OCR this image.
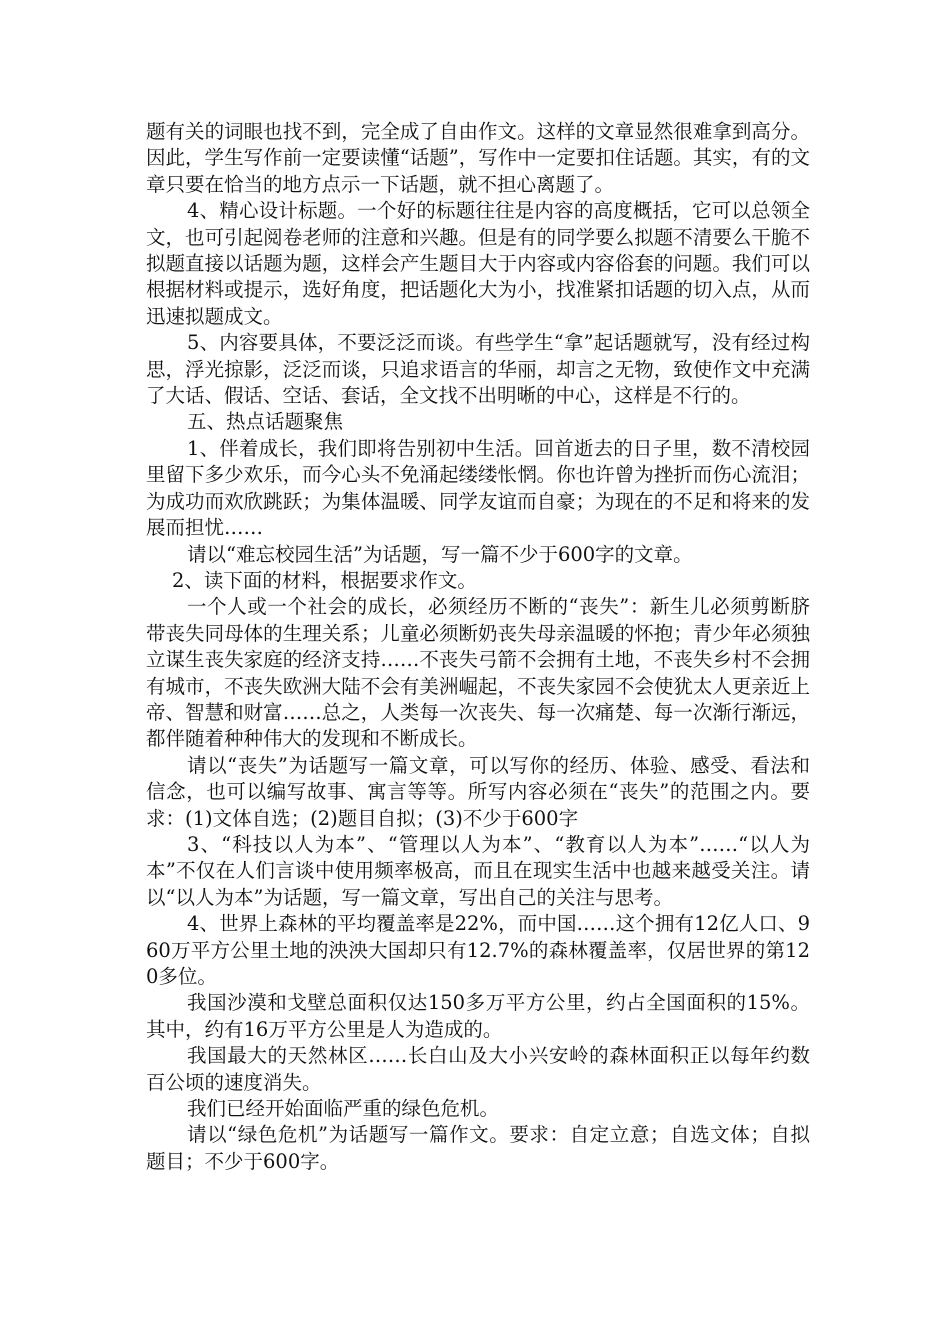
题有关的词眼也找不到，完全成了自由作文。这样的文章显然很难拿到高分。因此，学生写作前一定要读懂“话题”，写作中一定要扣住话题。其实，有的文章只要在恰当的地方点示一下话题，就不担心离题了。

4、精心设计标题。一个好的标题往往是内容的高度概括，它可以总领全文，也可引起阅卷老师的注意和兴趣。但是有的同学要么拟题不清要么干脆不拟题直接以话题为题，这样会产生题目大于内容或内容俗套的问题。我们可以根据材料或提示，选好角度，把话题化大为小，找准紧扣话题的切入点，从而迅速拟题成文。

5、内容要具体，不要泛泛而谈。有些学生“拿”起话题就写，没有经过构思，浮光掠影，泛泛而谈，只追求语言的华丽，却言之无物，致使作文中充满了大话、假话、空话、套话，全文找不出明晰的中心，这样是不行的。

五、热点话题聚焦

1、伴着成长，我们即将告别初中生活。回首逝去的日子里，数不清校园里留下多少欢乐，而今心头不免涌起缕缕怅惘。你也许曾为挫折而伤心流泪；为成功而欢欣跳跃；为集体温暖、同学友谊而自豪；为现在的不足和将来的发展而担忧……

请以“难忘校园生活”为话题，写一篇不少于600字的文章。

2、读下面的材料，根据要求作文。

一个人或一个社会的成长，必须经历不断的“丧失”：新生儿必须剪断脐带丧失同母体的生理关系；儿童必须断奶丧失母亲温暖的怀抱；青少年必须独立谋生丧失家庭的经济支持……不丧失弓箭不会拥有土地，不丧失乡村不会拥有城市，不丧失欧洲大陆不会有美洲崛起，不丧失家园不会使犹太人更亲近上帝、智慧和财富……总之，人类每一次丧失、每一次痛楚、每一次渐行渐远，都伴随着种种伟大的发现和不断成长。

请以“丧失”为话题写一篇文章，可以写你的经历、体验、感受、看法和信念，也可以编写故事、寓言等等。所写内容必须在“丧失”的范围之内。要求：(1)文体自选；(2)题目自拟；(3)不少于600字

3、“科技以人为本”、“管理以人为本”、“教育以人为本”……“以人为本”不仅在人们言谈中使用频率极高，而且在现实生活中也越来越受关注。请以“以人为本”为话题，写一篇文章，写出自己的关注与思考。

4、世界上森林的平均覆盖率是22%，而中国……这个拥有12亿人口、960万平方公里土地的泱泱大国却只有12.7%的森林覆盖率，仅居世界的第120多位。

我国沙漠和戈壁总面积仅达150多万平方公里，约占全国面积的15%。其中，约有16万平方公里是人为造成的。

我国最大的天然林区……长白山及大小兴安岭的森林面积正以每年约数百公顷的速度消失。

我们已经开始面临严重的绿色危机。

请以“绿色危机”为话题写一篇作文。要求：自定立意；自选文体；自拟题目；不少于600字。
